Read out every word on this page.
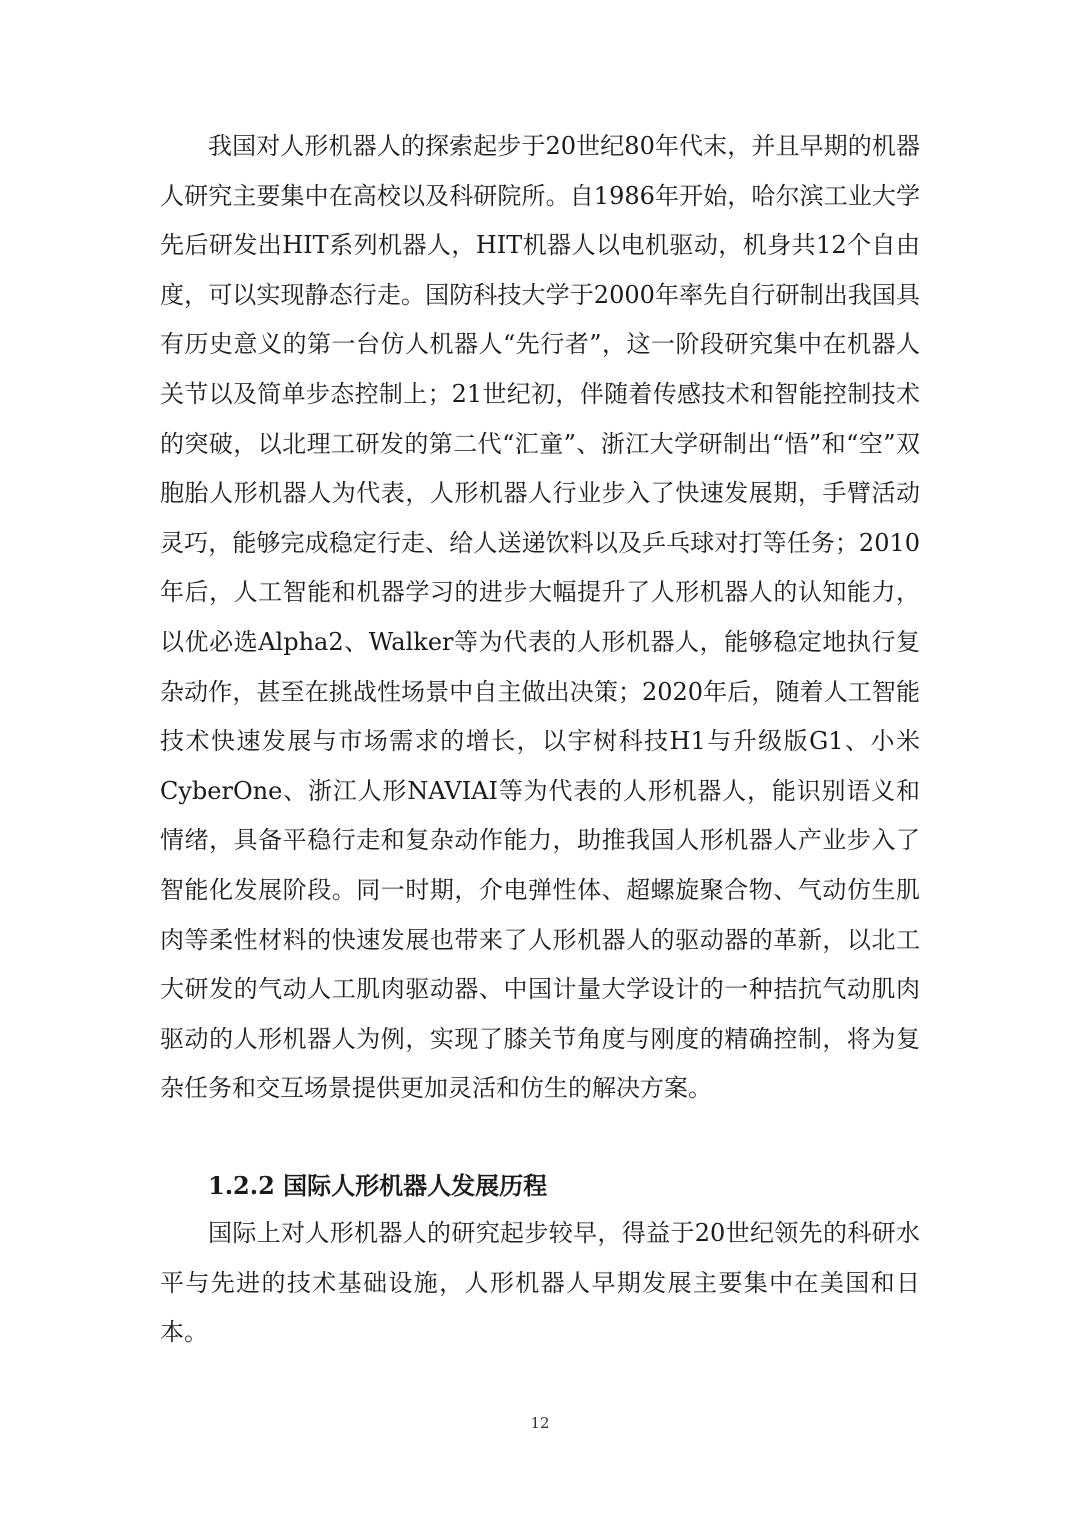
我国对人形机器人的探索起步于20世纪80年代末，并且早期的机器人研究主要集中在高校以及科研院所。自1986年开始，哈尔滨工业大学先后研发出HIT系列机器人，HIT机器人以电机驱动，机身共12个自由度，可以实现静态行走。国防科技大学于2000年率先自行研制出我国具有历史意义的第一台仿人机器人“先行者”，这一阶段研究集中在机器人关节以及简单步态控制上；21世纪初，伴随着传感技术和智能控制技术的突破，以北理工研发的第二代“汇童”、浙江大学研制出“悟”和“空”双胞胎人形机器人为代表，人形机器人行业步入了快速发展期，手臂活动灵巧，能够完成稳定行走、给人送递饮料以及乒乓球对打等任务；2010年后，人工智能和机器学习的进步大幅提升了人形机器人的认知能力，以优必选Alpha2、Walker等为代表的人形机器人，能够稳定地执行复杂动作，甚至在挑战性场景中自主做出决策；2020年后，随着人工智能技术快速发展与市场需求的增长，以宇树科技H1与升级版G1、小米CyberOne、浙江人形NAVIAI等为代表的人形机器人，能识别语义和情绪，具备平稳行走和复杂动作能力，助推我国人形机器人产业步入了智能化发展阶段。同一时期，介电弹性体、超螺旋聚合物、气动仿生肌肉等柔性材料的快速发展也带来了人形机器人的驱动器的革新，以北工大研发的气动人工肌肉驱动器、中国计量大学设计的一种拮抗气动肌肉驱动的人形机器人为例，实现了膝关节角度与刚度的精确控制，将为复杂任务和交互场景提供更加灵活和仿生的解决方案。

1.2.2 国际人形机器人发展历程

国际上对人形机器人的研究起步较早，得益于20世纪领先的科研水平与先进的技术基础设施，人形机器人早期发展主要集中在美国和日本。

12
